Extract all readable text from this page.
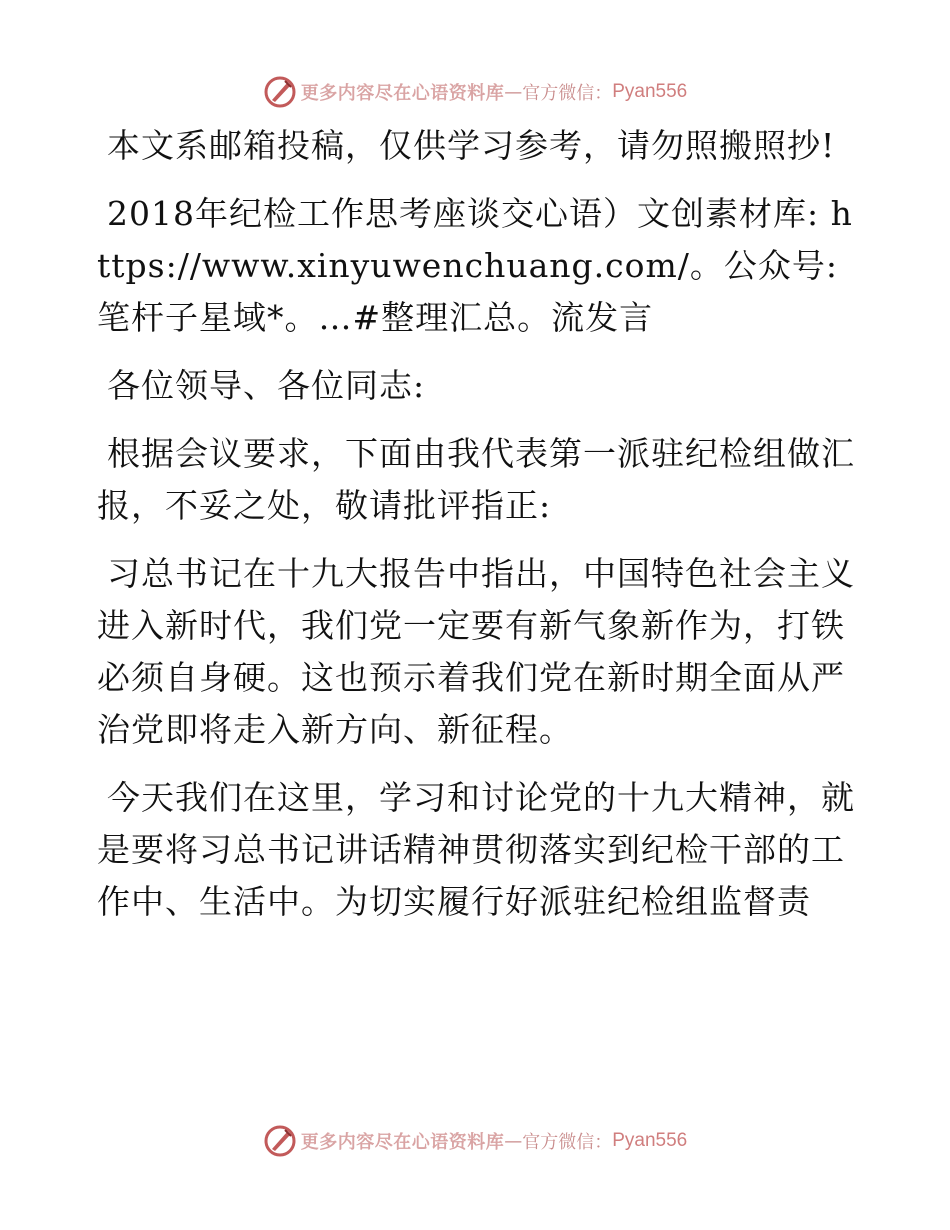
更多内容尽在心语资料库 — 官方微信： Pyan556

本文系邮箱投稿，仅供学习参考，请勿照搬照抄!

2018年纪检工作思考座谈交心语）文创素材库: https://www.xinyuwenchuang.com/。公众号: 笔杆子星域*。…#整理汇总。流发言

各位领导、各位同志:

根据会议要求，下面由我代表第一派驻纪检组做汇报，不妥之处，敬请批评指正:

习总书记在十九大报告中指出，中国特色社会主义进入新时代，我们党一定要有新气象新作为，打铁必须自身硬。这也预示着我们党在新时期全面从严治党即将走入新方向、新征程。

今天我们在这里，学习和讨论党的十九大精神，就是要将习总书记讲话精神贯彻落实到纪检干部的工作中、生活中。为切实履行好派驻纪检组监督责

更多内容尽在心语资料库 — 官方微信： Pyan556
